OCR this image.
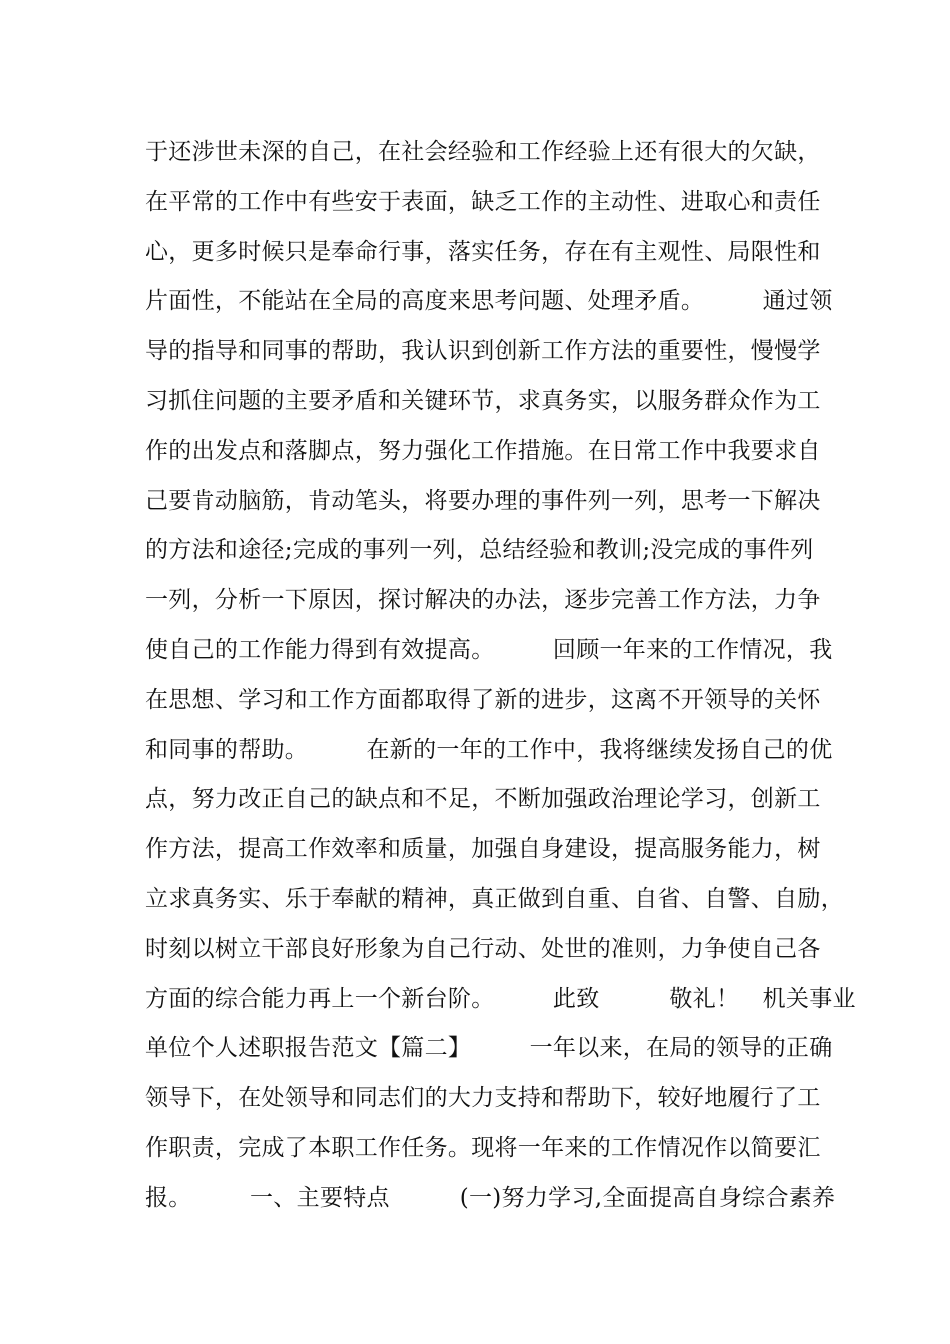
于还涉世未深的自己，在社会经验和工作经验上还有很大的欠缺，
在平常的工作中有些安于表面，缺乏工作的主动性、进取心和责任
心，更多时候只是奉命行事，落实任务，存在有主观性、局限性和
片面性，不能站在全局的高度来思考问题、处理矛盾。　　　通过领
导的指导和同事的帮助，我认识到创新工作方法的重要性，慢慢学
习抓住问题的主要矛盾和关键环节，求真务实，以服务群众作为工
作的出发点和落脚点，努力强化工作措施。在日常工作中我要求自
己要肯动脑筋，肯动笔头，将要办理的事件列一列，思考一下解决
的方法和途径;完成的事列一列，总结经验和教训;没完成的事件列
一列，分析一下原因，探讨解决的办法，逐步完善工作方法，力争
使自己的工作能力得到有效提高。　　　回顾一年来的工作情况，我
在思想、学习和工作方面都取得了新的进步，这离不开领导的关怀
和同事的帮助。　　　在新的一年的工作中，我将继续发扬自己的优
点，努力改正自己的缺点和不足，不断加强政治理论学习，创新工
作方法，提高工作效率和质量，加强自身建设，提高服务能力，树
立求真务实、乐于奉献的精神，真正做到自重、自省、自警、自励，
时刻以树立干部良好形象为自己行动、处世的准则，力争使自己各
方面的综合能力再上一个新台阶。　　　此致　　　敬礼！　机关事业
单位个人述职报告范文【篇二】　　　一年以来，在局的领导的正确
领导下，在处领导和同志们的大力支持和帮助下，较好地履行了工
作职责，完成了本职工作任务。现将一年来的工作情况作以简要汇
报。　　　一、主要特点　　　(一)努力学习,全面提高自身综合素养
